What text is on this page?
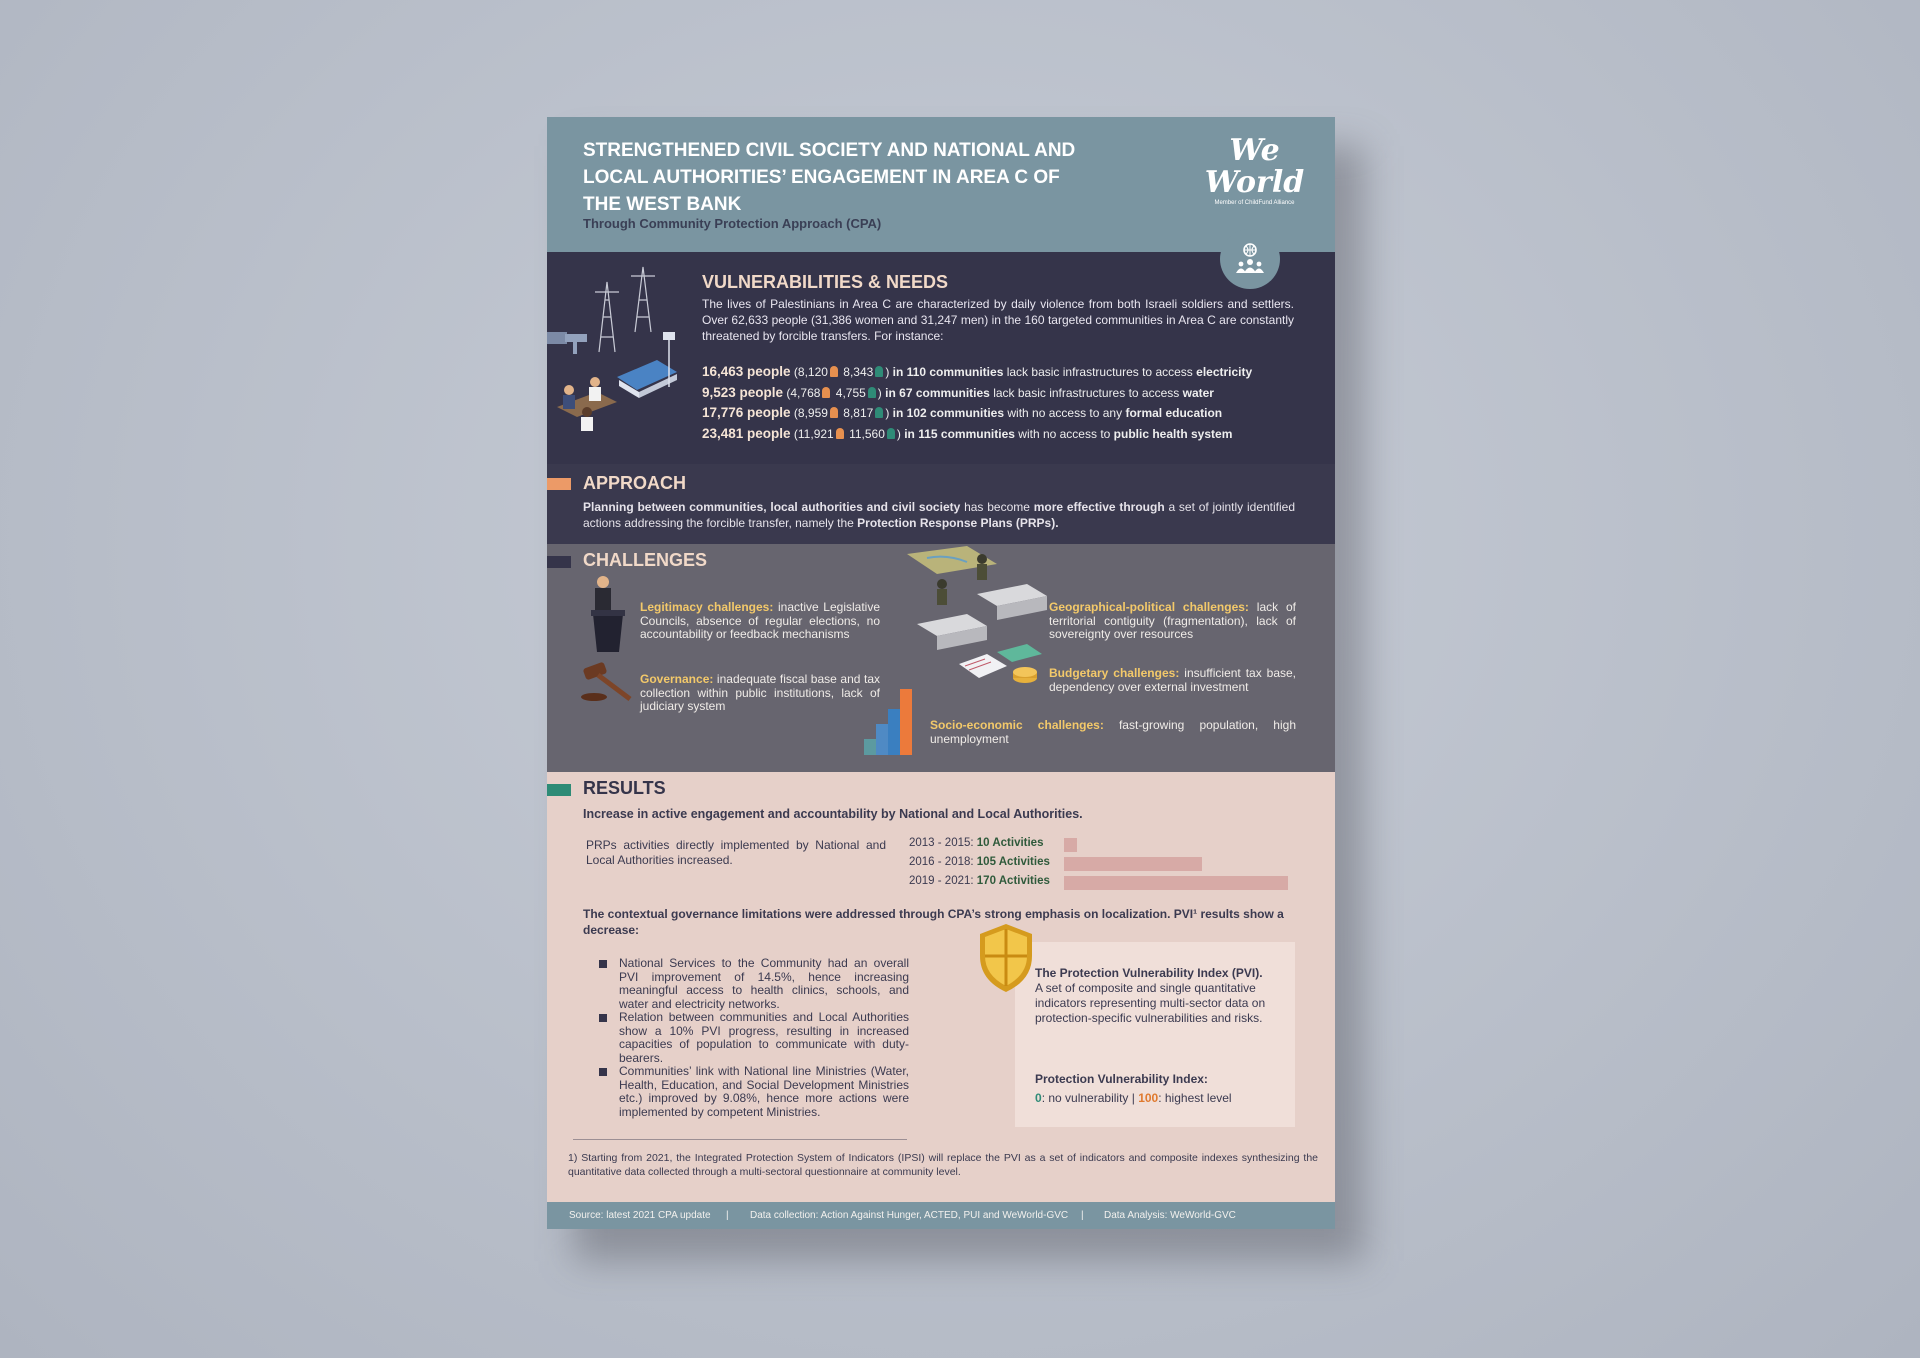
STRENGTHENED CIVIL SOCIETY AND NATIONAL AND LOCAL AUTHORITIES’ ENGAGEMENT IN AREA C OF THE WEST BANK
Through Community Protection Approach (CPA)
We World
Member of ChildFund Alliance
VULNERABILITIES & NEEDS
The lives of Palestinians in Area C are characterized by daily violence from both Israeli soldiers and settlers. Over 62,633 people (31,386 women and 31,247 men) in the 160 targeted communities in Area C are constantly threatened by forcible transfers. For instance:
16,463 people (8,120 8,343 ) in 110 communities lack basic infrastructures to access electricity
9,523 people (4,768 4,755 ) in 67 communities lack basic infrastructures to access water
17,776 people (8,959 8,817 ) in 102 communities with no access to any formal education
23,481 people (11,921 11,560 ) in 115 communities with no access to public health system
APPROACH
Planning between communities, local authorities and civil society has become more effective through a set of jointly identified actions addressing the forcible transfer, namely the Protection Response Plans (PRPs).
CHALLENGES
Legitimacy challenges: inactive Legislative Councils, absence of regular elections, no accountability or feedback mechanisms
Governance: inadequate fiscal base and tax collection within public institutions, lack of judiciary system
Geographical-political challenges: lack of territorial contiguity (fragmentation), lack of sovereignty over resources
Budgetary challenges: insufficient tax base, dependency over external investment
Socio-economic challenges: fast-growing population, high unemployment
RESULTS
Increase in active engagement and accountability by National and Local Authorities.
PRPs activities directly implemented by National and Local Authorities increased.
2013 - 2015: 10 Activities
2016 - 2018: 105 Activities
2019 - 2021: 170 Activities
The contextual governance limitations were addressed through CPA’s strong emphasis on localization. PVI¹ results show a decrease:
National Services to the Community had an overall PVI improvement of 14.5%, hence increasing meaningful access to health clinics, schools, and water and electricity networks.
Relation between communities and Local Authorities show a 10% PVI progress, resulting in increased capacities of population to communicate with duty-bearers.
Communities’ link with National line Ministries (Water, Health, Education, and Social Development Ministries etc.) improved by 9.08%, hence more actions were implemented by competent Ministries.
The Protection Vulnerability Index (PVI).
A set of composite and single quantitative indicators representing multi-sector data on protection-specific vulnerabilities and risks.
Protection Vulnerability Index:
0: no vulnerability | 100: highest level
1) Starting from 2021, the Integrated Protection System of Indicators (IPSI) will replace the PVI as a set of indicators and composite indexes synthesizing the quantitative data collected through a multi-sectoral questionnaire at community level.
Source: latest 2021 CPA update | Data collection: Action Against Hunger, ACTED, PUI and WeWorld-GVC | Data Analysis: WeWorld-GVC
